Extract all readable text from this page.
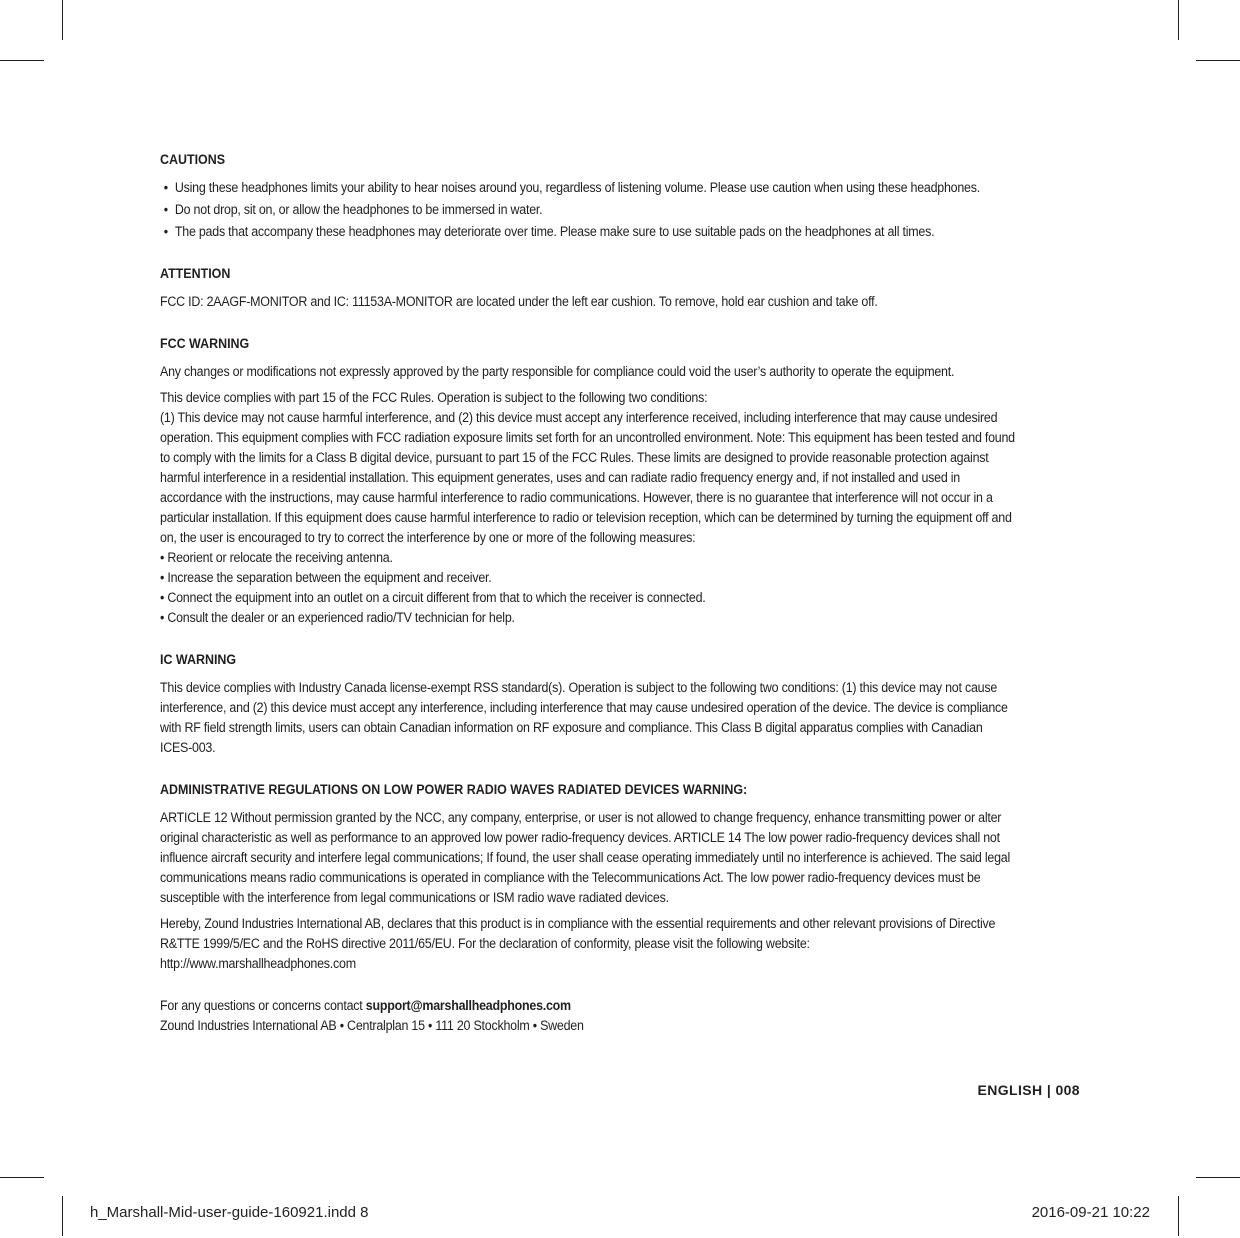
CAUTIONS
• Using these headphones limits your ability to hear noises around you, regardless of listening volume. Please use caution when using these headphones.
• Do not drop, sit on, or allow the headphones to be immersed in water.
• The pads that accompany these headphones may deteriorate over time. Please make sure to use suitable pads on the headphones at all times.
ATTENTION

FCC ID: 2AAGF-MONITOR and IC: 11153A-MONITOR are located under the left ear cushion. To remove, hold ear cushion and take off.

FCC WARNING

Any changes or modifications not expressly approved by the party responsible for compliance could void the user’s authority to operate the equipment.

This device complies with part 15 of the FCC Rules. Operation is subject to the following two conditions:

(1) This device may not cause harmful interference, and (2) this device must accept any interference received, including interference that may cause undesired operation. This equipment complies with FCC radiation exposure limits set forth for an uncontrolled environment. Note: This equipment has been tested and found to comply with the limits for a Class B digital device, pursuant to part 15 of the FCC Rules. These limits are designed to provide reasonable protection against harmful interference in a residential installation. This equipment generates, uses and can radiate radio frequency energy and, if not installed and used in accordance with the instructions, may cause harmful interference to radio communications. However, there is no guarantee that interference will not occur in a particular installation. If this equipment does cause harmful interference to radio or television reception, which can be determined by turning the equipment off and on, the user is encouraged to try to correct the interference by one or more of the following measures:

• Reorient or relocate the receiving antenna.
• Increase the separation between the equipment and receiver.
• Connect the equipment into an outlet on a circuit different from that to which the receiver is connected.
• Consult the dealer or an experienced radio/TV technician for help.
IC WARNING

This device complies with Industry Canada license-exempt RSS standard(s). Operation is subject to the following two conditions: (1) this device may not cause interference, and (2) this device must accept any interference, including interference that may cause undesired operation of the device. The device is compliance with RF field strength limits, users can obtain Canadian information on RF exposure and compliance. This Class B digital apparatus complies with Canadian ICES-003.

ADMINISTRATIVE REGULATIONS ON LOW POWER RADIO WAVES RADIATED DEVICES WARNING:

ARTICLE 12 Without permission granted by the NCC, any company, enterprise, or user is not allowed to change frequency, enhance transmitting power or alter original characteristic as well as performance to an approved low power radio-frequency devices. ARTICLE 14 The low power radio-frequency devices shall not influence aircraft security and interfere legal communications; If found, the user shall cease operating immediately until no interference is achieved. The said legal communications means radio communications is operated in compliance with the Telecommunications Act. The low power radio-frequency devices must be susceptible with the interference from legal communications or ISM radio wave radiated devices.

Hereby, Zound Industries International AB, declares that this product is in compliance with the essential requirements and other relevant provisions of Directive R&TTE 1999/5/EC and the RoHS directive 2011/65/EU. For the declaration of conformity, please visit the following website:

http://www.marshallheadphones.com

For any questions or concerns contact support@marshallheadphones.com

Zound Industries International AB • Centralplan 15 • 111 20 Stockholm • Sweden

ENGLISH | 008
h_Marshall-Mid-user-guide-160921.indd 8	2016-09-21 10:22
